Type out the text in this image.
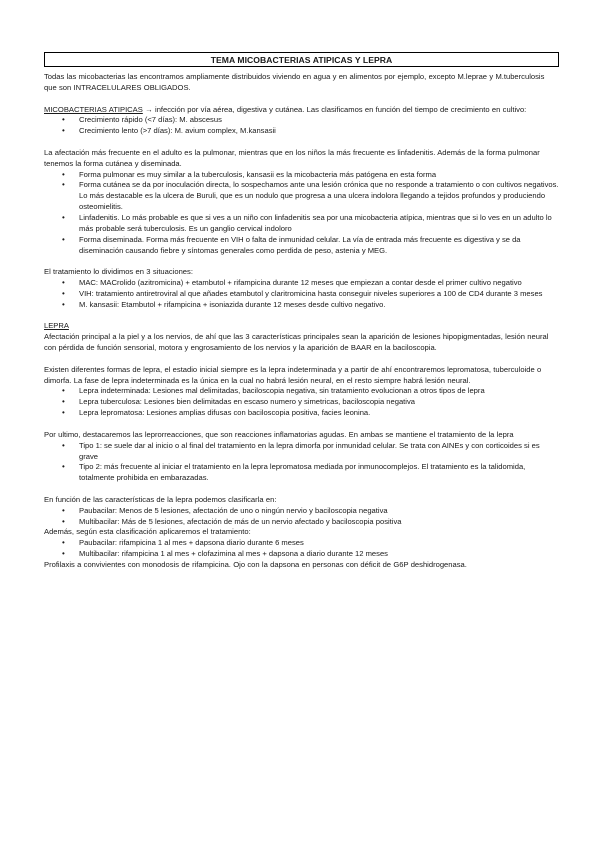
TEMA MICOBACTERIAS ATIPICAS Y LEPRA

Todas las micobacterias las encontramos ampliamente distribuidos viviendo en agua y en alimentos por ejemplo, excepto M.leprae y M.tuberculosis que son INTRACELULARES OBLIGADOS.

MICOBACTERIAS ATIPICAS → infección por vía aérea, digestiva y cutánea. Las clasificamos en función del tiempo de crecimiento en cultivo:

• Crecimiento rápido (<7 días): M. abscesus
• Crecimiento lento (>7 días): M. avium complex, M.kansasii

La afectación más frecuente en el adulto es la pulmonar, mientras que en los niños la más frecuente es linfadenitis. Además de la forma pulmonar tenemos la forma cutánea y diseminada.

• Forma pulmonar es muy similar a la tuberculosis, kansasii es la micobacteria más patógena en esta forma
• Forma cutánea se da por inoculación directa, lo sospechamos ante una lesión crónica que no responde a tratamiento o con cultivos negativos. Lo más destacable es la ulcera de Buruli, que es un nodulo que progresa a una ulcera indolora llegando a tejidos profundos y produciendo osteomielitis.
• Linfadenitis. Lo más probable es que si ves a un niño con linfadenitis sea por una micobacteria atípica, mientras que si lo ves en un adulto lo más probable será tuberculosis. Es un ganglio cervical indoloro
• Forma diseminada. Forma más frecuente en VIH o falta de inmunidad celular. La vía de entrada más frecuente es digestiva y se da diseminación causando fiebre y síntomas generales como perdida de peso, astenia y MEG.

El tratamiento lo dividimos en 3 situaciones:

• MAC: MACrolido (azitromicina) + etambutol + rifampicina durante 12 meses que empiezan a contar desde el primer cultivo negativo
• VIH: tratamiento antiretroviral al que añades etambutol y claritromicina hasta conseguir niveles superiores a 100 de CD4 durante 3 meses
• M. kansasii: Etambutol + rifampicina + isoniazida durante 12 meses desde cultivo negativo.

LEPRA

Afectación principal a la piel y a los nervios, de ahí que las 3 características principales sean la aparición de lesiones hipopigmentadas, lesión neural con pérdida de función sensorial, motora y engrosamiento de los nervios y la aparición de BAAR en la baciloscopia.

Existen diferentes formas de lepra, el estadio inicial siempre es la lepra indeterminada y a partir de ahí encontraremos lepromatosa, tuberculoide o dimorfa. La fase de lepra indeterminada es la única en la cual no habrá lesión neural, en el resto siempre habrá lesión neural.

• Lepra indeterminada: Lesiones mal delimitadas, baciloscopia negativa, sin tratamiento evolucionan a otros tipos de lepra
• Lepra tuberculosa: Lesiones bien delimitadas en escaso numero y simetricas, baciloscopia negativa
• Lepra lepromatosa: Lesiones amplias difusas con baciloscopia positiva, facies leonina.

Por ultimo, destacaremos las leprorreacciones, que son reacciones inflamatorias agudas. En ambas se mantiene el tratamiento de la lepra

• Tipo 1: se suele dar al inicio o al final del tratamiento en la lepra dimorfa por inmunidad celular. Se trata con AINEs y con corticoides si es grave
• Tipo 2: más frecuente al iniciar el tratamiento en la lepra lepromatosa mediada por inmunocomplejos. El tratamiento es la talidomida, totalmente prohibida en embarazadas.

En función de las características de la lepra podemos clasificarla en:

• Paubacilar: Menos de 5 lesiones, afectación de uno o ningún nervio y baciloscopia negativa
• Multibacilar: Más de 5 lesiones, afectación de más de un nervio afectado y baciloscopia positiva

Además, según esta clasificación aplicaremos el tratamiento:

• Paubacilar: rifampicina 1 al mes + dapsona diario durante 6 meses
• Multibacilar: rifampicina 1 al mes + clofazimina al mes + dapsona a diario durante 12 meses

Profilaxis a convivientes con monodosis de rifampicina. Ojo con la dapsona en personas con déficit de G6P deshidrogenasa.
